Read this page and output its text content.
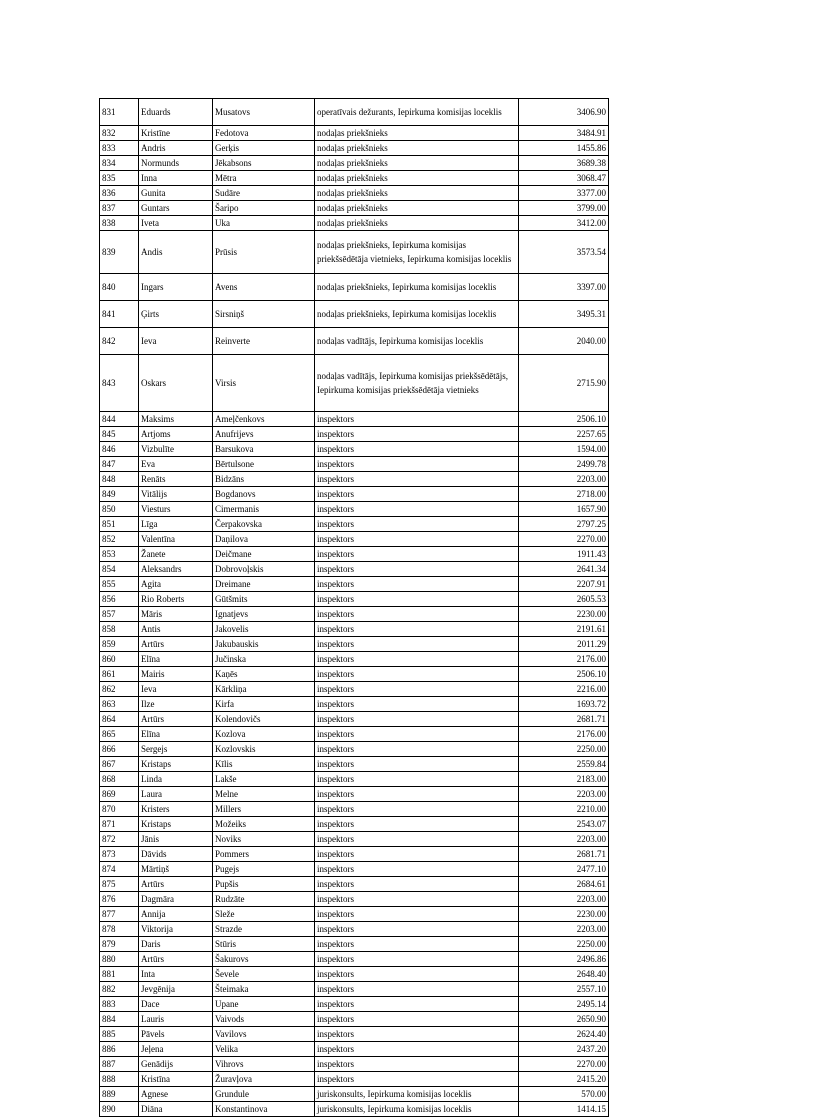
831	Eduards	Musatovs	operatīvais dežurants, Iepirkuma komisijas loceklis	3406.90
832	Kristīne	Fedotova	nodaļas priekšnieks	3484.91
833	Andris	Gerķis	nodaļas priekšnieks	1455.86
834	Normunds	Jēkabsons	nodaļas priekšnieks	3689.38
835	Inna	Mētra	nodaļas priekšnieks	3068.47
836	Gunita	Sudāre	nodaļas priekšnieks	3377.00
837	Guntars	Šaripo	nodaļas priekšnieks	3799.00
838	Iveta	Uka	nodaļas priekšnieks	3412.00
839	Andis	Prūsis	nodaļas priekšnieks, Iepirkuma komisijas priekšsēdētāja vietnieks, Iepirkuma komisijas loceklis	3573.54
840	Ingars	Avens	nodaļas priekšnieks, Iepirkuma komisijas loceklis	3397.00
841	Ģirts	Sirsniņš	nodaļas priekšnieks, Iepirkuma komisijas loceklis	3495.31
842	Ieva	Reinverte	nodaļas vadītājs, Iepirkuma komisijas loceklis	2040.00
843	Oskars	Virsis	nodaļas vadītājs, Iepirkuma komisijas priekšsēdētājs, Iepirkuma komisijas priekšsēdētāja vietnieks	2715.90
844	Maksims	Ameļčenkovs	inspektors	2506.10
845	Artjoms	Anufrijevs	inspektors	2257.65
846	Vizbulīte	Barsukova	inspektors	1594.00
847	Eva	Bērtulsone	inspektors	2499.78
848	Renāts	Bidzāns	inspektors	2203.00
849	Vitālijs	Bogdanovs	inspektors	2718.00
850	Viesturs	Cimermanis	inspektors	1657.90
851	Līga	Čerpakovska	inspektors	2797.25
852	Valentīna	Daņilova	inspektors	2270.00
853	Žanete	Deičmane	inspektors	1911.43
854	Aleksandrs	Dobrovoļskis	inspektors	2641.34
855	Agita	Dreimane	inspektors	2207.91
856	Rio Roberts	Gūtšmits	inspektors	2605.53
857	Māris	Ignatjevs	inspektors	2230.00
858	Antis	Jakovelis	inspektors	2191.61
859	Artūrs	Jakubauskis	inspektors	2011.29
860	Elīna	Jučinska	inspektors	2176.00
861	Mairis	Kaņēs	inspektors	2506.10
862	Ieva	Kārkliņa	inspektors	2216.00
863	Ilze	Kirfa	inspektors	1693.72
864	Artūrs	Kolendovičs	inspektors	2681.71
865	Elīna	Kozlova	inspektors	2176.00
866	Sergejs	Kozlovskis	inspektors	2250.00
867	Kristaps	Kīlis	inspektors	2559.84
868	Linda	Lakše	inspektors	2183.00
869	Laura	Melne	inspektors	2203.00
870	Kristers	Millers	inspektors	2210.00
871	Kristaps	Možeiks	inspektors	2543.07
872	Jānis	Noviks	inspektors	2203.00
873	Dāvids	Pommers	inspektors	2681.71
874	Mārtiņš	Pugejs	inspektors	2477.10
875	Artūrs	Pupšis	inspektors	2684.61
876	Dagmāra	Rudzāte	inspektors	2203.00
877	Annija	Sleže	inspektors	2230.00
878	Viktorija	Strazde	inspektors	2203.00
879	Daris	Stūris	inspektors	2250.00
880	Artūrs	Šakurovs	inspektors	2496.86
881	Inta	Ševele	inspektors	2648.40
882	Jevgēnija	Šteimaka	inspektors	2557.10
883	Dace	Upane	inspektors	2495.14
884	Lauris	Vaivods	inspektors	2650.90
885	Pāvels	Vavilovs	inspektors	2624.40
886	Jeļena	Velika	inspektors	2437.20
887	Genādijs	Vihrovs	inspektors	2270.00
888	Kristīna	Žuravļova	inspektors	2415.20
889	Agnese	Grundule	juriskonsults, Iepirkuma komisijas loceklis	570.00
890	Diāna	Konstantinova	juriskonsults, Iepirkuma komisijas loceklis	1414.15
